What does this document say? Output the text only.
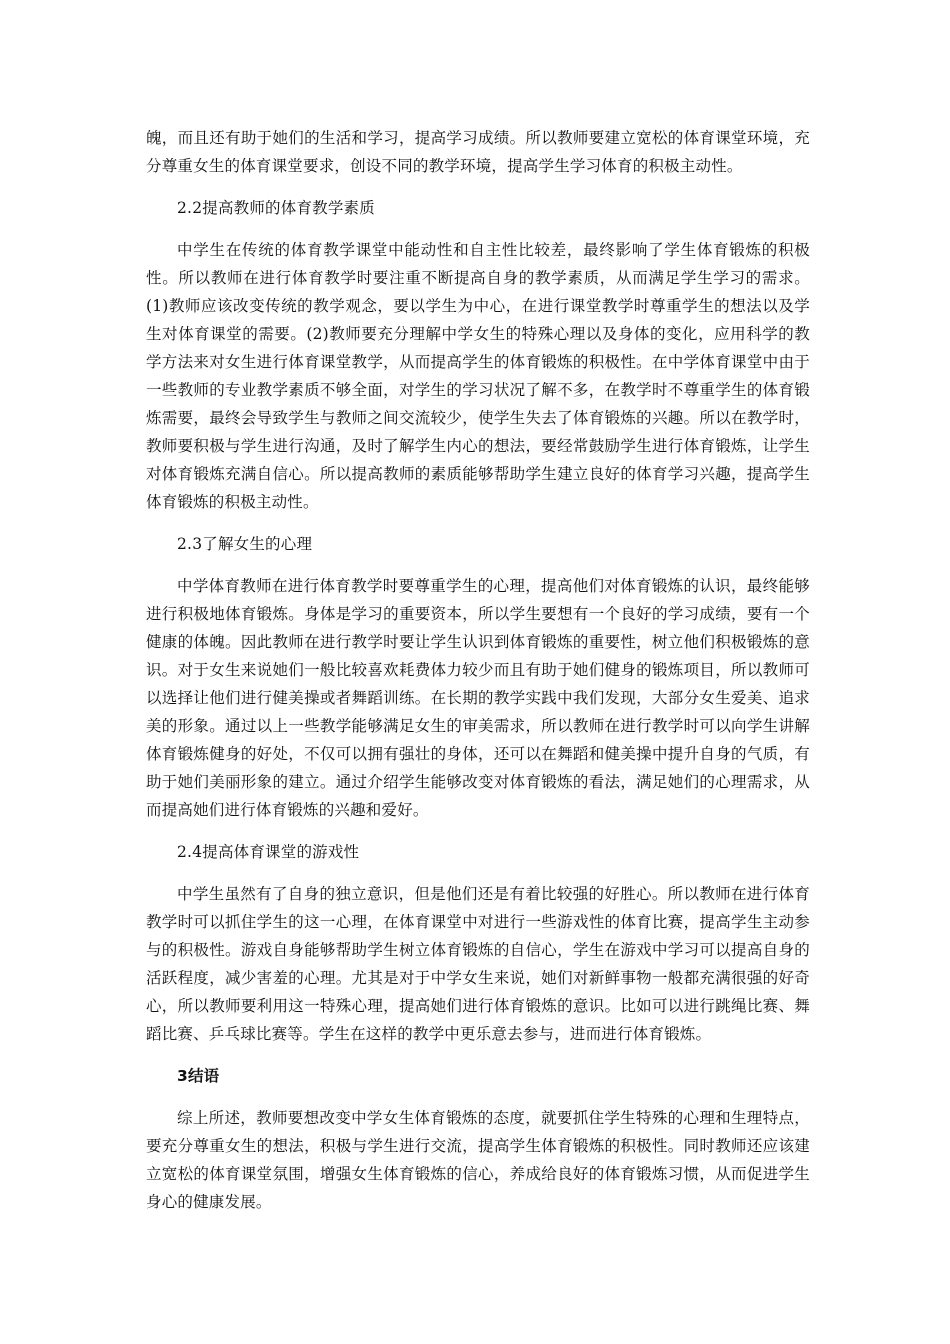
魄，而且还有助于她们的生活和学习，提高学习成绩。所以教师要建立宽松的体育课堂环境，充分尊重女生的体育课堂要求，创设不同的教学环境，提高学生学习体育的积极主动性。

2.2提高教师的体育教学素质

中学生在传统的体育教学课堂中能动性和自主性比较差，最终影响了学生体育锻炼的积极性。所以教师在进行体育教学时要注重不断提高自身的教学素质，从而满足学生学习的需求。(1)教师应该改变传统的教学观念，要以学生为中心，在进行课堂教学时尊重学生的想法以及学生对体育课堂的需要。(2)教师要充分理解中学女生的特殊心理以及身体的变化，应用科学的教学方法来对女生进行体育课堂教学，从而提高学生的体育锻炼的积极性。在中学体育课堂中由于一些教师的专业教学素质不够全面，对学生的学习状况了解不多，在教学时不尊重学生的体育锻炼需要，最终会导致学生与教师之间交流较少，使学生失去了体育锻炼的兴趣。所以在教学时，教师要积极与学生进行沟通，及时了解学生内心的想法，要经常鼓励学生进行体育锻炼，让学生对体育锻炼充满自信心。所以提高教师的素质能够帮助学生建立良好的体育学习兴趣，提高学生体育锻炼的积极主动性。

2.3了解女生的心理

中学体育教师在进行体育教学时要尊重学生的心理，提高他们对体育锻炼的认识，最终能够进行积极地体育锻炼。身体是学习的重要资本，所以学生要想有一个良好的学习成绩，要有一个健康的体魄。因此教师在进行教学时要让学生认识到体育锻炼的重要性，树立他们积极锻炼的意识。对于女生来说她们一般比较喜欢耗费体力较少而且有助于她们健身的锻炼项目，所以教师可以选择让他们进行健美操或者舞蹈训练。在长期的教学实践中我们发现，大部分女生爱美、追求美的形象。通过以上一些教学能够满足女生的审美需求，所以教师在进行教学时可以向学生讲解体育锻炼健身的好处，不仅可以拥有强壮的身体，还可以在舞蹈和健美操中提升自身的气质，有助于她们美丽形象的建立。通过介绍学生能够改变对体育锻炼的看法，满足她们的心理需求，从而提高她们进行体育锻炼的兴趣和爱好。

2.4提高体育课堂的游戏性

中学生虽然有了自身的独立意识，但是他们还是有着比较强的好胜心。所以教师在进行体育教学时可以抓住学生的这一心理，在体育课堂中对进行一些游戏性的体育比赛，提高学生主动参与的积极性。游戏自身能够帮助学生树立体育锻炼的自信心，学生在游戏中学习可以提高自身的活跃程度，减少害羞的心理。尤其是对于中学女生来说，她们对新鲜事物一般都充满很强的好奇心，所以教师要利用这一特殊心理，提高她们进行体育锻炼的意识。比如可以进行跳绳比赛、舞蹈比赛、乒乓球比赛等。学生在这样的教学中更乐意去参与，进而进行体育锻炼。

3结语

综上所述，教师要想改变中学女生体育锻炼的态度，就要抓住学生特殊的心理和生理特点，要充分尊重女生的想法，积极与学生进行交流，提高学生体育锻炼的积极性。同时教师还应该建立宽松的体育课堂氛围，增强女生体育锻炼的信心，养成给良好的体育锻炼习惯，从而促进学生身心的健康发展。
